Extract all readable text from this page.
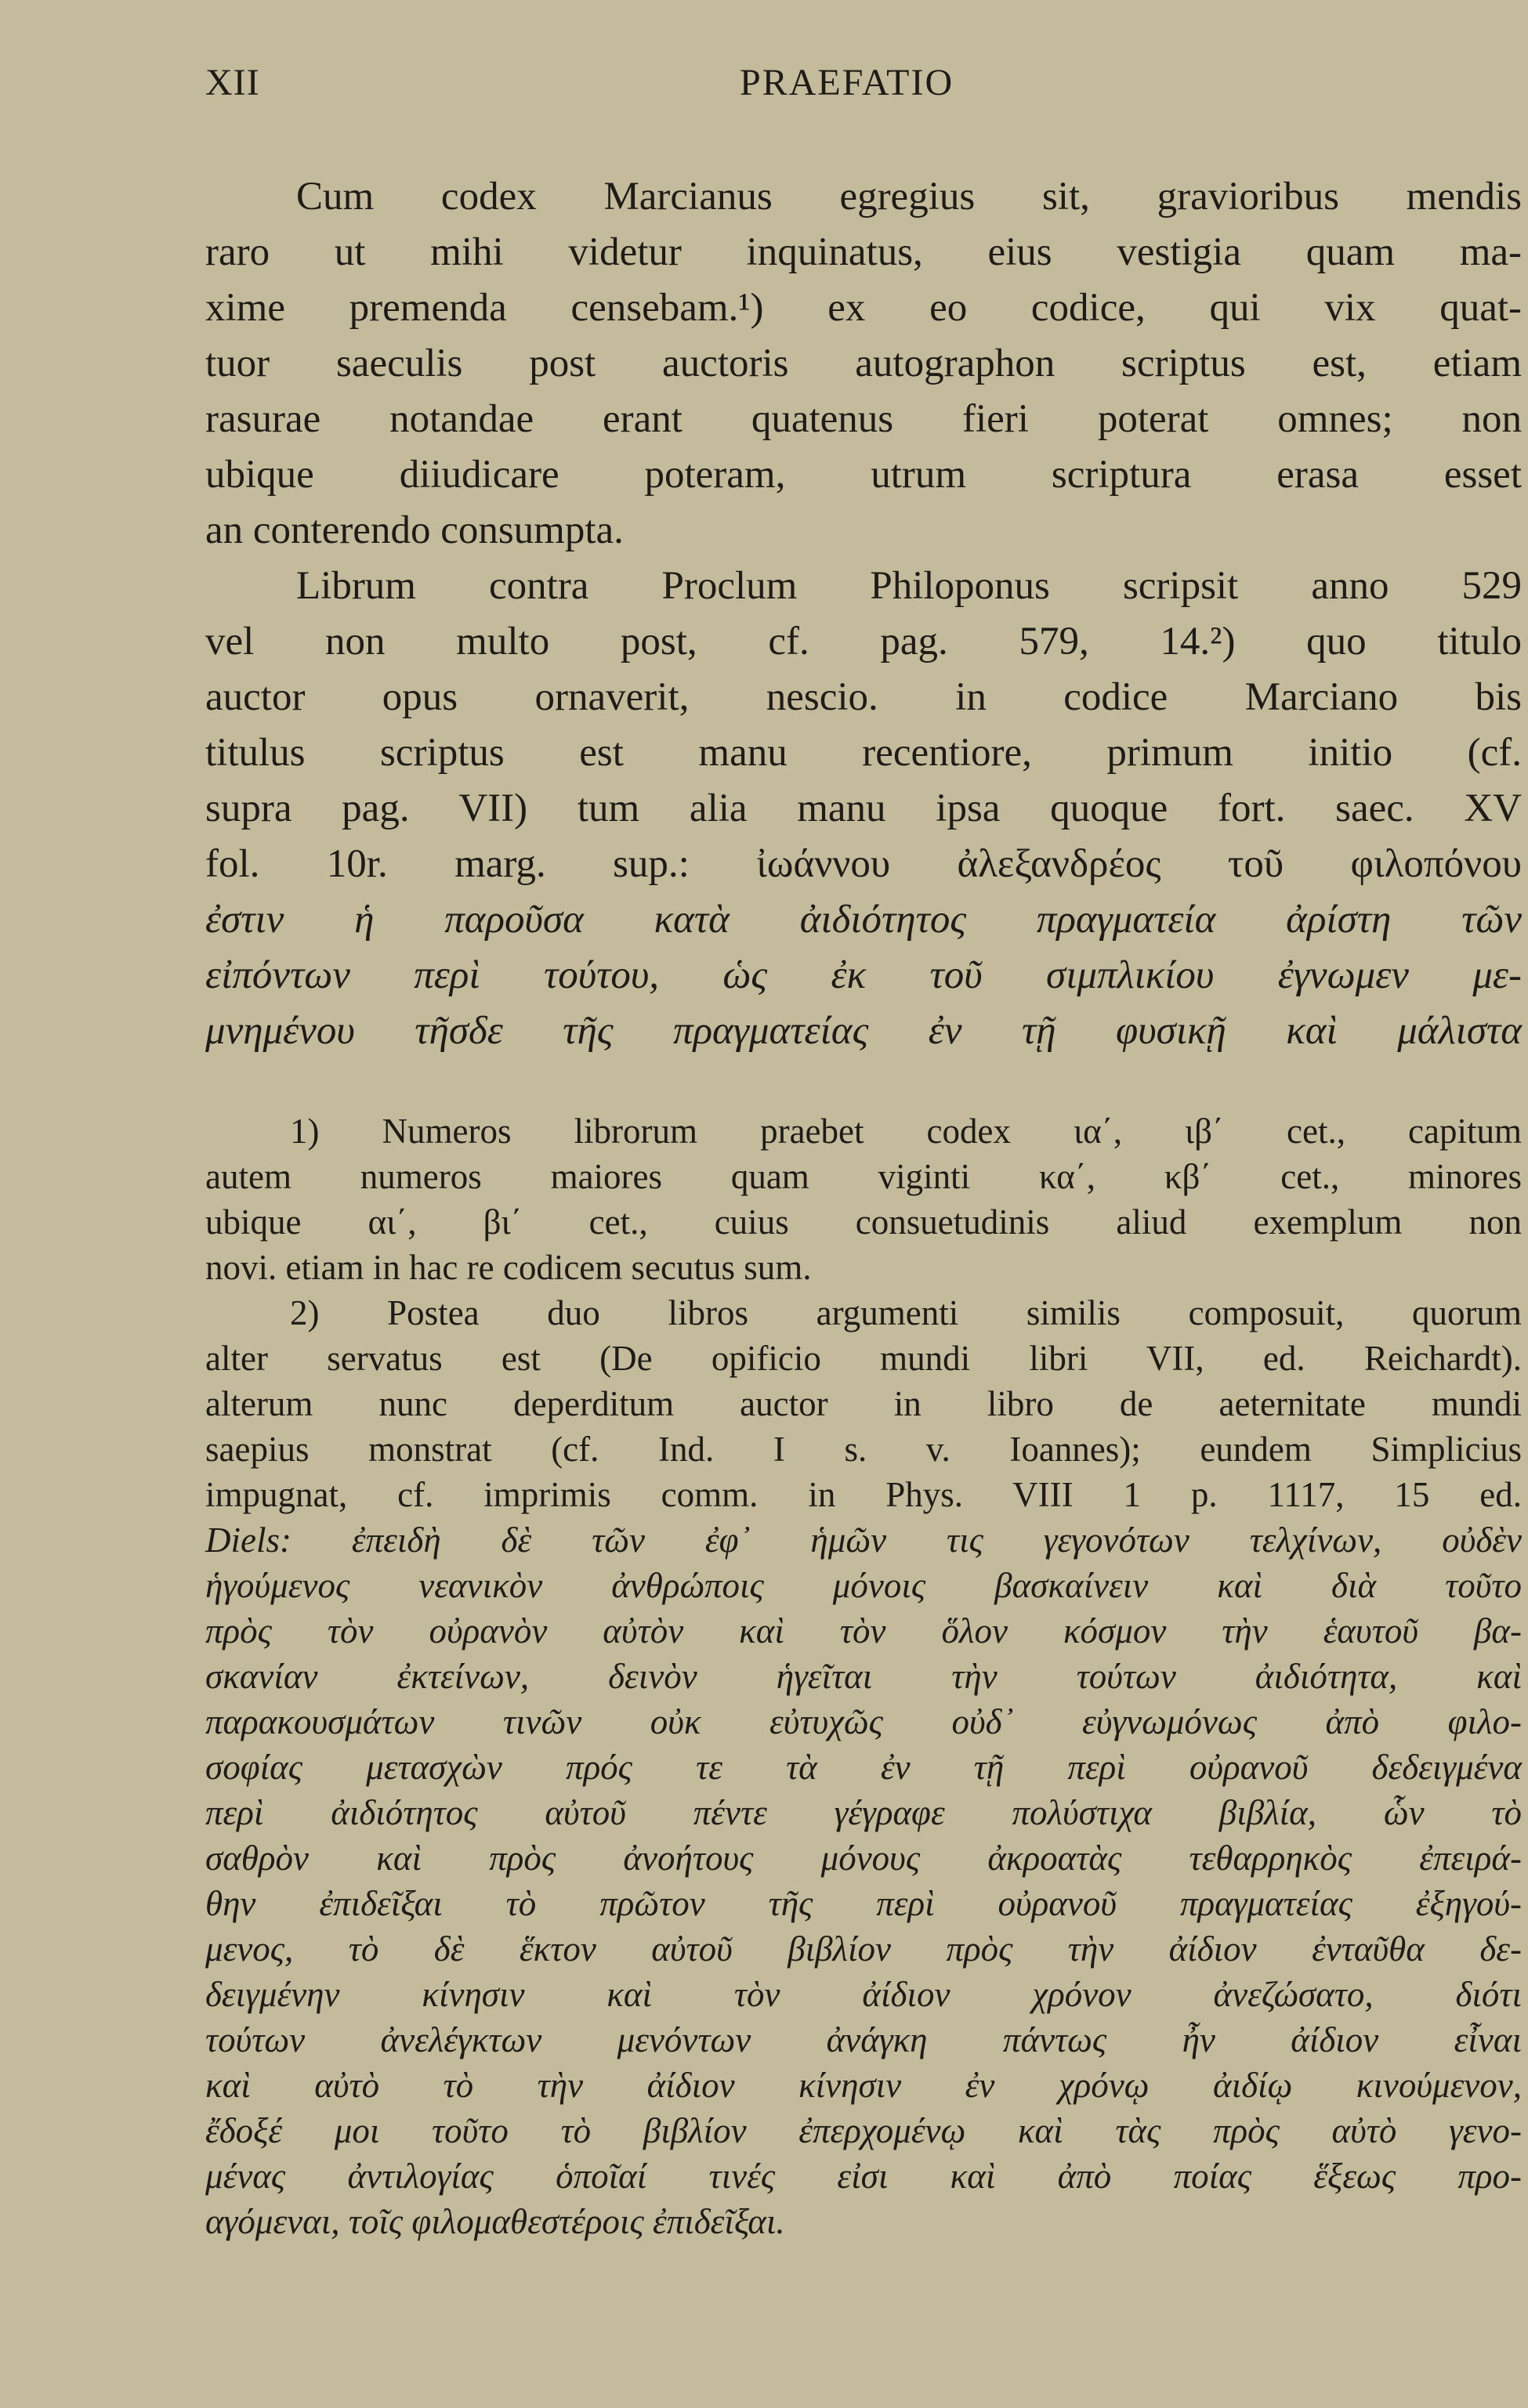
XII	PRAEFATIO
Cum codex Marcianus egregius sit, gravioribus mendis
raro ut mihi videtur inquinatus, eius vestigia quam ma-
xime premenda censebam.¹) ex eo codice, qui vix quat-
tuor saeculis post auctoris autographon scriptus est, etiam
rasurae notandae erant quatenus fieri poterat omnes; non
ubique diiudicare poteram, utrum scriptura erasa esset
an conterendo consumpta.
Librum contra Proclum Philoponus scripsit anno 529
vel non multo post, cf. pag. 579, 14.²) quo titulo
auctor opus ornaverit, nescio. in codice Marciano bis
titulus scriptus est manu recentiore, primum initio (cf.
supra pag. VII) tum alia manu ipsa quoque fort. saec. XV
fol. 10r. marg. sup.: ἰωάννου ἀλεξανδρέος τοῦ φιλοπόνου
ἐστιν ἡ παροῦσα κατὰ ἀιδιότητος πραγματεία ἀρίστη τῶν
εἰπόντων περὶ τούτου, ὡς ἐκ τοῦ σιμπλικίου ἐγνωμεν με-
μνημένου τῆσδε τῆς πραγματείας ἐν τῇ φυσικῇ καὶ μάλιστα
1) Numeros librorum praebet codex ια΄, ιβ΄ cet., capitum
autem numeros maiores quam viginti κα΄, κβ΄ cet., minores
ubique αι΄, βι΄ cet., cuius consuetudinis aliud exemplum non
novi. etiam in hac re codicem secutus sum.
2) Postea duo libros argumenti similis composuit, quorum
alter servatus est (De opificio mundi libri VII, ed. Reichardt).
alterum nunc deperditum auctor in libro de aeternitate mundi
saepius monstrat (cf. Ind. I s. v. Ioannes); eundem Simplicius
impugnat, cf. imprimis comm. in Phys. VIII 1 p. 1117, 15 ed.
Diels: ἐπειδὴ δὲ τῶν ἐφ᾽ ἡμῶν τις γεγονότων τελχίνων, οὐδὲν
ἡγούμενος νεανικὸν ἀνθρώποις μόνοις βασκαίνειν καὶ διὰ τοῦτο
πρὸς τὸν οὐρανὸν αὐτὸν καὶ τὸν ὅλον κόσμον τὴν ἑαυτοῦ βα-
σκανίαν ἐκτείνων, δεινὸν ἡγεῖται τὴν τούτων ἀιδιότητα, καὶ
παρακουσμάτων τινῶν οὐκ εὐτυχῶς οὐδ᾽ εὐγνωμόνως ἀπὸ φιλο-
σοφίας μετασχὼν πρός τε τὰ ἐν τῇ περὶ οὐρανοῦ δεδειγμένα
περὶ ἀιδιότητος αὐτοῦ πέντε γέγραφε πολύστιχα βιβλία, ὧν τὸ
σαθρὸν καὶ πρὸς ἀνοήτους μόνους ἀκροατὰς τεθαρρηκὸς ἐπειρά-
θην ἐπιδεῖξαι τὸ πρῶτον τῆς περὶ οὐρανοῦ πραγματείας ἐξηγού-
μενος, τὸ δὲ ἕκτον αὐτοῦ βιβλίον πρὸς τὴν ἀίδιον ἐνταῦθα δε-
δειγμένην κίνησιν καὶ τὸν ἀίδιον χρόνον ἀνεζώσατο, διότι
τούτων ἀνελέγκτων μενόντων ἀνάγκη πάντως ἦν ἀίδιον εἶναι
καὶ αὐτὸ τὸ τὴν ἀίδιον κίνησιν ἐν χρόνῳ ἀιδίῳ κινούμενον,
ἔδοξέ μοι τοῦτο τὸ βιβλίον ἐπερχομένῳ καὶ τὰς πρὸς αὐτὸ γενο-
μένας ἀντιλογίας ὁποῖαί τινές εἰσι καὶ ἀπὸ ποίας ἕξεως προ-
αγόμεναι, τοῖς φιλομαθεστέροις ἐπιδεῖξαι.
